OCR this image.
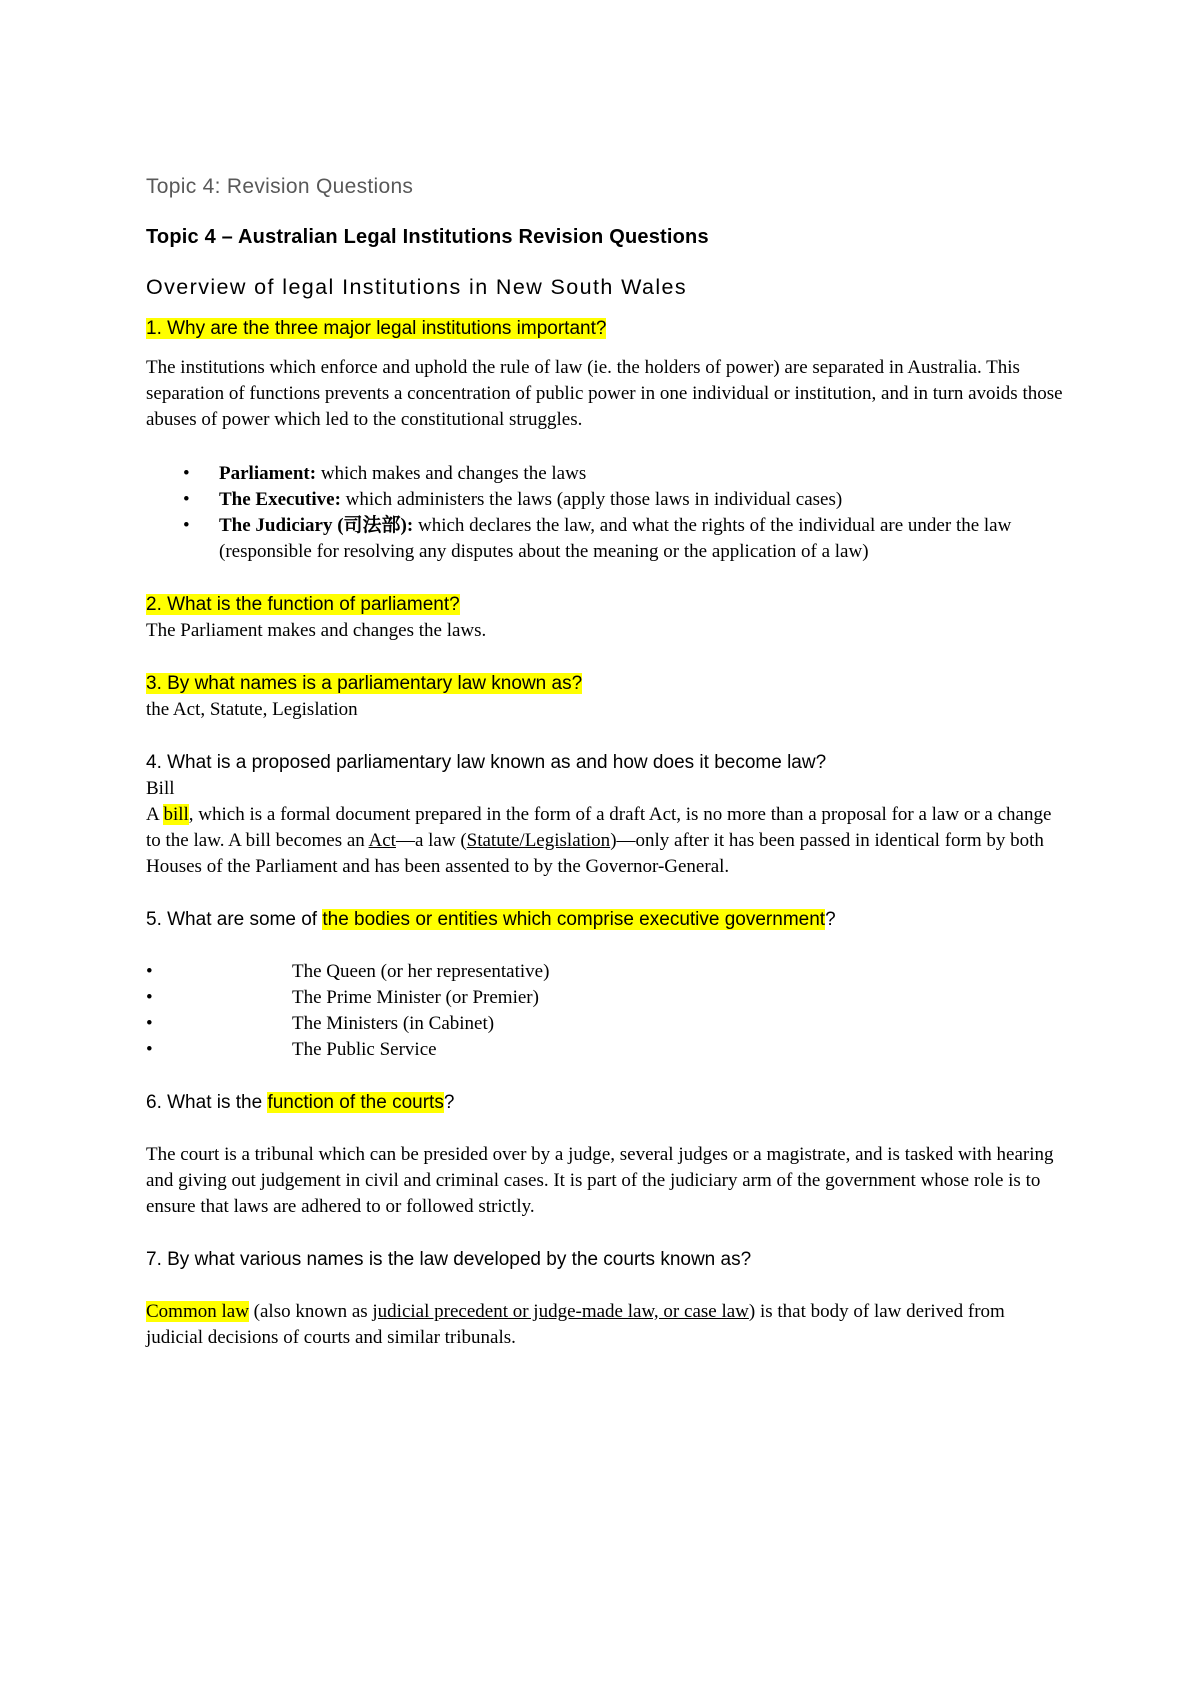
Topic 4: Revision Questions

Topic 4 – Australian Legal Institutions Revision Questions

Overview of legal Institutions in New South Wales

1. Why are the three major legal institutions important?

The institutions which enforce and uphold the rule of law (ie. the holders of power) are separated in Australia. This separation of functions prevents a concentration of public power in one individual or institution, and in turn avoids those abuses of power which led to the constitutional struggles.

• Parliament: which makes and changes the laws
• The Executive: which administers the laws (apply those laws in individual cases)
• The Judiciary (司法部): which declares the law, and what the rights of the individual are under the law (responsible for resolving any disputes about the meaning or the application of a law)

2. What is the function of parliament?

The Parliament makes and changes the laws.

3. By what names is a parliamentary law known as?

the Act, Statute, Legislation

4. What is a proposed parliamentary law known as and how does it become law?

Bill

A bill, which is a formal document prepared in the form of a draft Act, is no more than a proposal for a law or a change to the law. A bill becomes an Act—a law (Statute/Legislation)—only after it has been passed in identical form by both Houses of the Parliament and has been assented to by the Governor-General.

5. What are some of the bodies or entities which comprise executive government?

•	The Queen (or her representative)
•	The Prime Minister (or Premier)
•	The Ministers (in Cabinet)
•	The Public Service

6. What is the function of the courts?

The court is a tribunal which can be presided over by a judge, several judges or a magistrate, and is tasked with hearing and giving out judgement in civil and criminal cases. It is part of the judiciary arm of the government whose role is to ensure that laws are adhered to or followed strictly.

7. By what various names is the law developed by the courts known as?

Common law (also known as judicial precedent or judge-made law, or case law) is that body of law derived from judicial decisions of courts and similar tribunals.
